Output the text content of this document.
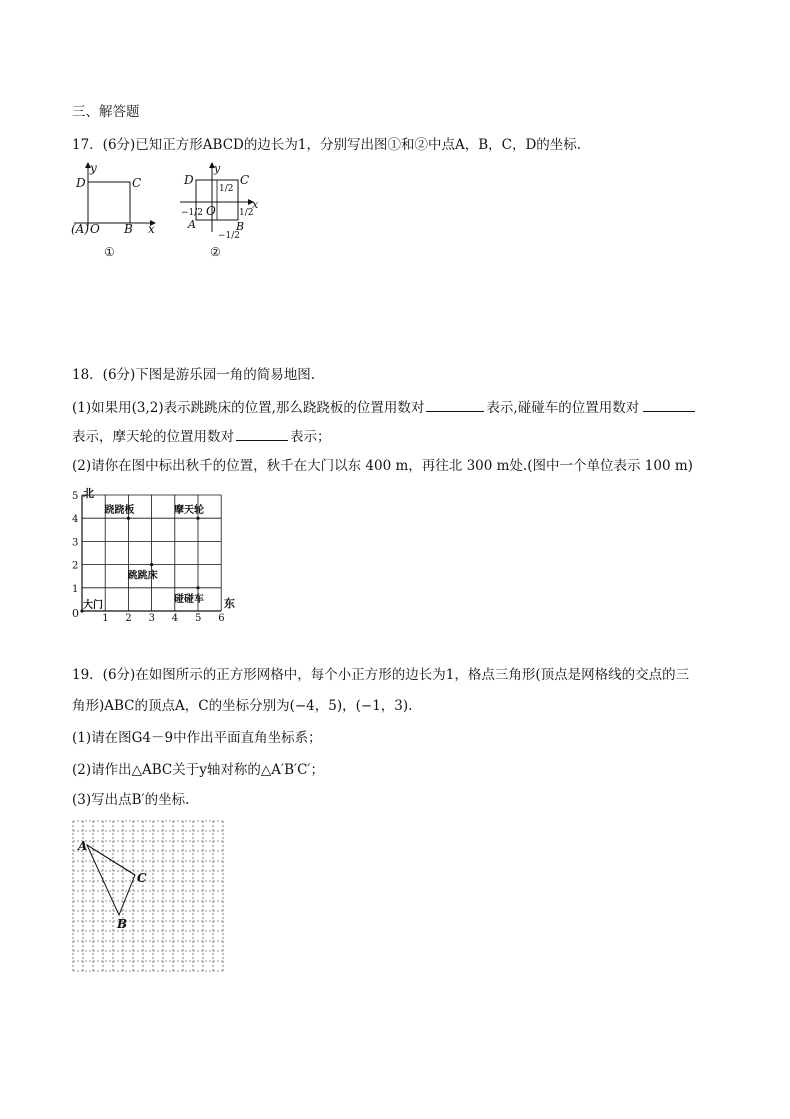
三、解答题
17．(6分)已知正方形ABCD的边长为1，分别写出图①和②中点A，B，C，D的坐标.
y
x
D	C
(A) O B
①
D	C
y
x
O
A	B
1/2
−1/2	1/2
−1/2
②
18．(6分)下图是游乐园一角的简易地图.
(1)如果用(3,2)表示跳跳床的位置,那么跷跷板的位置用数对	表示,碰碰车的位置用数对
表示，摩天轮的位置用数对	表示；
(2)请你在图中标出秋千的位置，秋千在大门以东 400 m，再往北 300 m处.(图中一个单位表示 100 m)
北
东
0 1 2 3 4 5 6
1
2
3
4
5
跷跷板	摩天轮
跳跳床
大门
碰碰车
19．(6分)在如图所示的正方形网格中，每个小正方形的边长为1，格点三角形(顶点是网格线的交点的三
角形)ABC的顶点A，C的坐标分别为(−4，5)，(−1，3).
(1)请在图G4－9中作出平面直角坐标系；
(2)请作出△ABC关于y轴对称的△A′B′C′；
(3)写出点B′的坐标.
A
B
C
